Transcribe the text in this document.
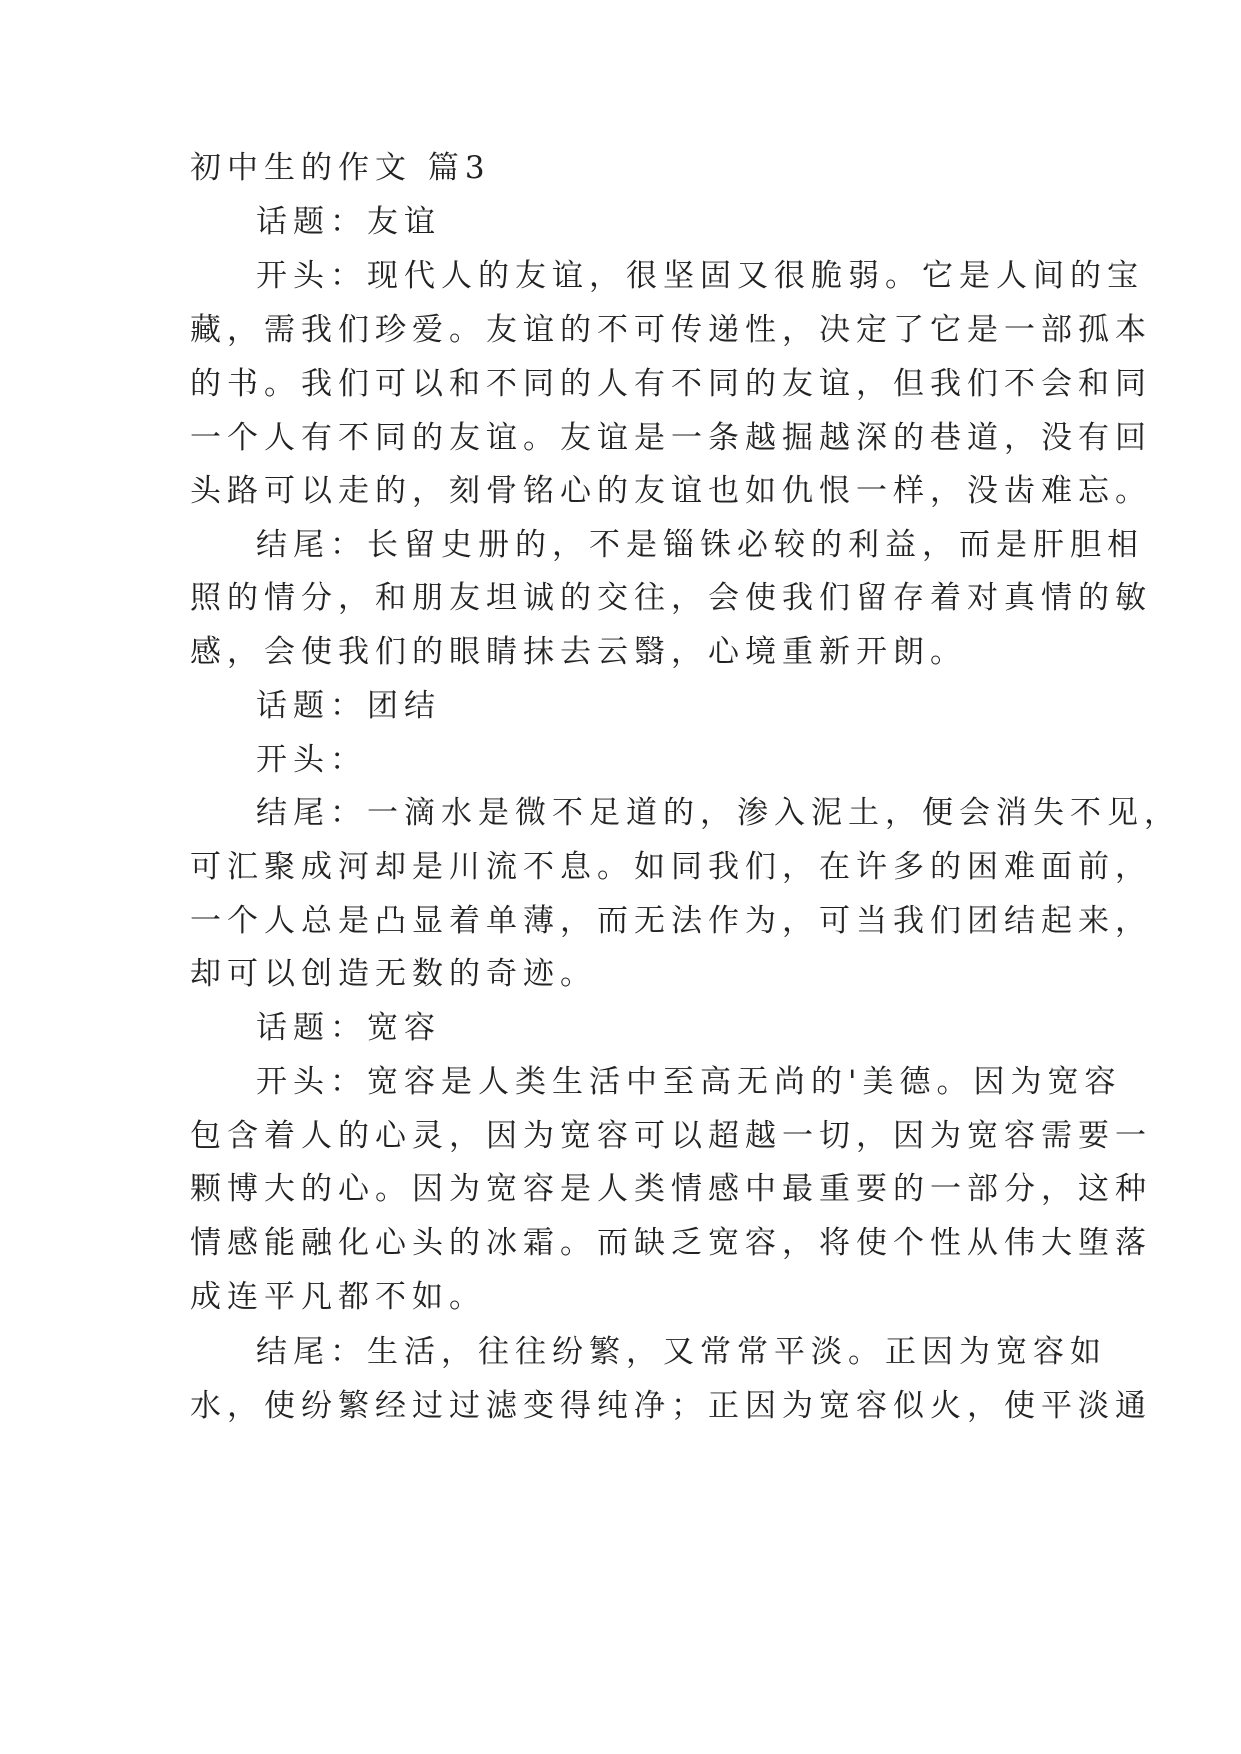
初中生的作文 篇3
话题：友谊
开头：现代人的友谊，很坚固又很脆弱。它是人间的宝
藏，需我们珍爱。友谊的不可传递性，决定了它是一部孤本
的书。我们可以和不同的人有不同的友谊，但我们不会和同
一个人有不同的友谊。友谊是一条越掘越深的巷道，没有回
头路可以走的，刻骨铭心的友谊也如仇恨一样，没齿难忘。
结尾：长留史册的，不是锱铢必较的利益，而是肝胆相
照的情分，和朋友坦诚的交往，会使我们留存着对真情的敏
感，会使我们的眼睛抹去云翳，心境重新开朗。
话题：团结
开头：
结尾：一滴水是微不足道的，渗入泥土，便会消失不见，
可汇聚成河却是川流不息。如同我们，在许多的困难面前，
一个人总是凸显着单薄，而无法作为，可当我们团结起来，
却可以创造无数的奇迹。
话题：宽容
开头：宽容是人类生活中至高无尚的'美德。因为宽容
包含着人的心灵，因为宽容可以超越一切，因为宽容需要一
颗博大的心。因为宽容是人类情感中最重要的一部分，这种
情感能融化心头的冰霜。而缺乏宽容，将使个性从伟大堕落
成连平凡都不如。
结尾：生活，往往纷繁，又常常平淡。正因为宽容如
水，使纷繁经过过滤变得纯净；正因为宽容似火，使平淡通
